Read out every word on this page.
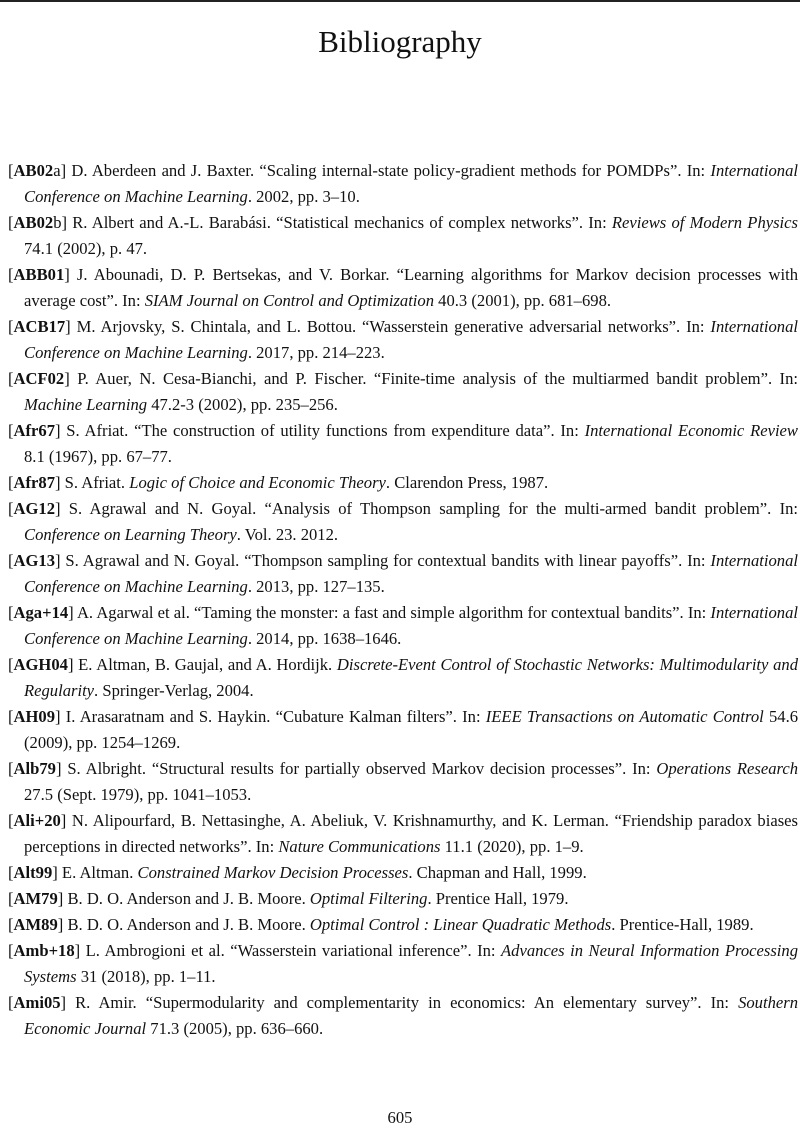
Bibliography
[AB02a] D. Aberdeen and J. Baxter. “Scaling internal-state policy-gradient methods for POMDPs”. In: International Conference on Machine Learning. 2002, pp. 3–10.
[AB02b] R. Albert and A.-L. Barabási. “Statistical mechanics of complex networks”. In: Reviews of Modern Physics 74.1 (2002), p. 47.
[ABB01] J. Abounadi, D. P. Bertsekas, and V. Borkar. “Learning algorithms for Markov decision processes with average cost”. In: SIAM Journal on Control and Optimization 40.3 (2001), pp. 681–698.
[ACB17] M. Arjovsky, S. Chintala, and L. Bottou. “Wasserstein generative adversarial networks”. In: International Conference on Machine Learning. 2017, pp. 214–223.
[ACF02] P. Auer, N. Cesa-Bianchi, and P. Fischer. “Finite-time analysis of the multiarmed bandit problem”. In: Machine Learning 47.2-3 (2002), pp. 235–256.
[Afr67] S. Afriat. “The construction of utility functions from expenditure data”. In: International Economic Review 8.1 (1967), pp. 67–77.
[Afr87] S. Afriat. Logic of Choice and Economic Theory. Clarendon Press, 1987.
[AG12] S. Agrawal and N. Goyal. “Analysis of Thompson sampling for the multi-armed bandit problem”. In: Conference on Learning Theory. Vol. 23. 2012.
[AG13] S. Agrawal and N. Goyal. “Thompson sampling for contextual bandits with linear payoffs”. In: International Conference on Machine Learning. 2013, pp. 127–135.
[Aga+14] A. Agarwal et al. “Taming the monster: a fast and simple algorithm for contextual bandits”. In: International Conference on Machine Learning. 2014, pp. 1638–1646.
[AGH04] E. Altman, B. Gaujal, and A. Hordijk. Discrete-Event Control of Stochastic Networks: Multimodularity and Regularity. Springer-Verlag, 2004.
[AH09] I. Arasaratnam and S. Haykin. “Cubature Kalman filters”. In: IEEE Transactions on Automatic Control 54.6 (2009), pp. 1254–1269.
[Alb79] S. Albright. “Structural results for partially observed Markov decision processes”. In: Operations Research 27.5 (Sept. 1979), pp. 1041–1053.
[Ali+20] N. Alipourfard, B. Nettasinghe, A. Abeliuk, V. Krishnamurthy, and K. Lerman. “Friendship paradox biases perceptions in directed networks”. In: Nature Communications 11.1 (2020), pp. 1–9.
[Alt99] E. Altman. Constrained Markov Decision Processes. Chapman and Hall, 1999.
[AM79] B. D. O. Anderson and J. B. Moore. Optimal Filtering. Prentice Hall, 1979.
[AM89] B. D. O. Anderson and J. B. Moore. Optimal Control : Linear Quadratic Methods. Prentice-Hall, 1989.
[Amb+18] L. Ambrogioni et al. “Wasserstein variational inference”. In: Advances in Neural Information Processing Systems 31 (2018), pp. 1–11.
[Ami05] R. Amir. “Supermodularity and complementarity in economics: An elementary survey”. In: Southern Economic Journal 71.3 (2005), pp. 636–660.
605
